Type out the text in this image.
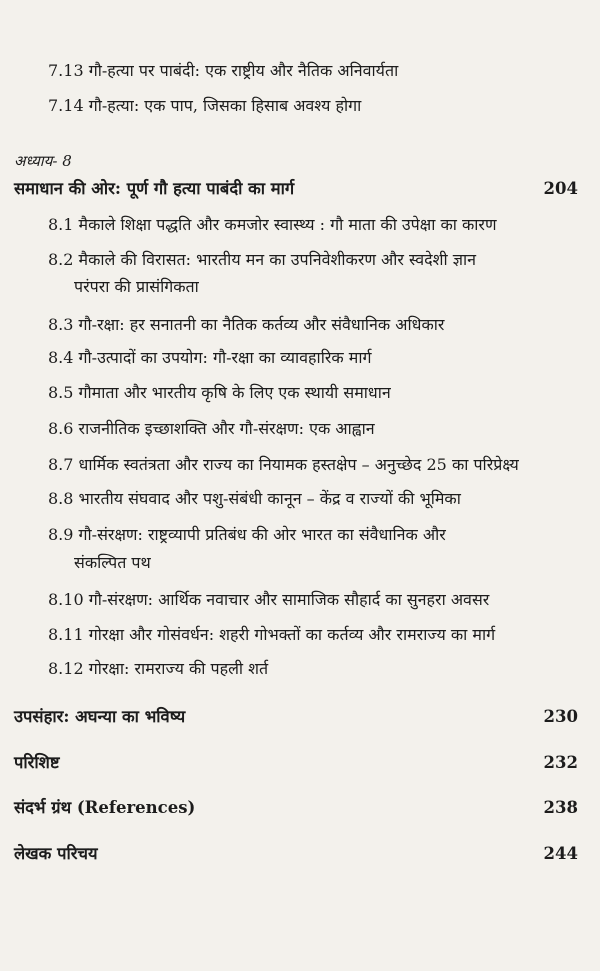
7.13 गौ-हत्या पर पाबंदी: एक राष्ट्रीय और नैतिक अनिवार्यता
7.14 गौ-हत्या: एक पाप, जिसका हिसाब अवश्य होगा
अध्याय- 8
समाधान की ओर: पूर्ण गौ हत्या पाबंदी का मार्ग	204
8.1 मैकाले शिक्षा पद्धति और कमजोर स्वास्थ्य : गौ माता की उपेक्षा का कारण
8.2 मैकाले की विरासत: भारतीय मन का उपनिवेशीकरण और स्वदेशी ज्ञान
परंपरा की प्रासंगिकता
8.3 गौ-रक्षा: हर सनातनी का नैतिक कर्तव्य और संवैधानिक अधिकार
8.4 गौ-उत्पादों का उपयोग: गौ-रक्षा का व्यावहारिक मार्ग
8.5 गौमाता और भारतीय कृषि के लिए एक स्थायी समाधान
8.6 राजनीतिक इच्छाशक्ति और गौ-संरक्षण: एक आह्वान
8.7 धार्मिक स्वतंत्रता और राज्य का नियामक हस्तक्षेप – अनुच्छेद 25 का परिप्रेक्ष्य
8.8 भारतीय संघवाद और पशु-संबंधी कानून – केंद्र व राज्यों की भूमिका
8.9 गौ-संरक्षण: राष्ट्रव्यापी प्रतिबंध की ओर भारत का संवैधानिक और
संकल्पित पथ
8.10 गौ-संरक्षण: आर्थिक नवाचार और सामाजिक सौहार्द का सुनहरा अवसर
8.11 गोरक्षा और गोसंवर्धन: शहरी गोभक्तों का कर्तव्य और रामराज्य का मार्ग
8.12 गोरक्षा: रामराज्य की पहली शर्त
उपसंहार: अघन्या का भविष्य	230
परिशिष्ट	232
संदर्भ ग्रंथ (References)	238
लेखक परिचय	244
